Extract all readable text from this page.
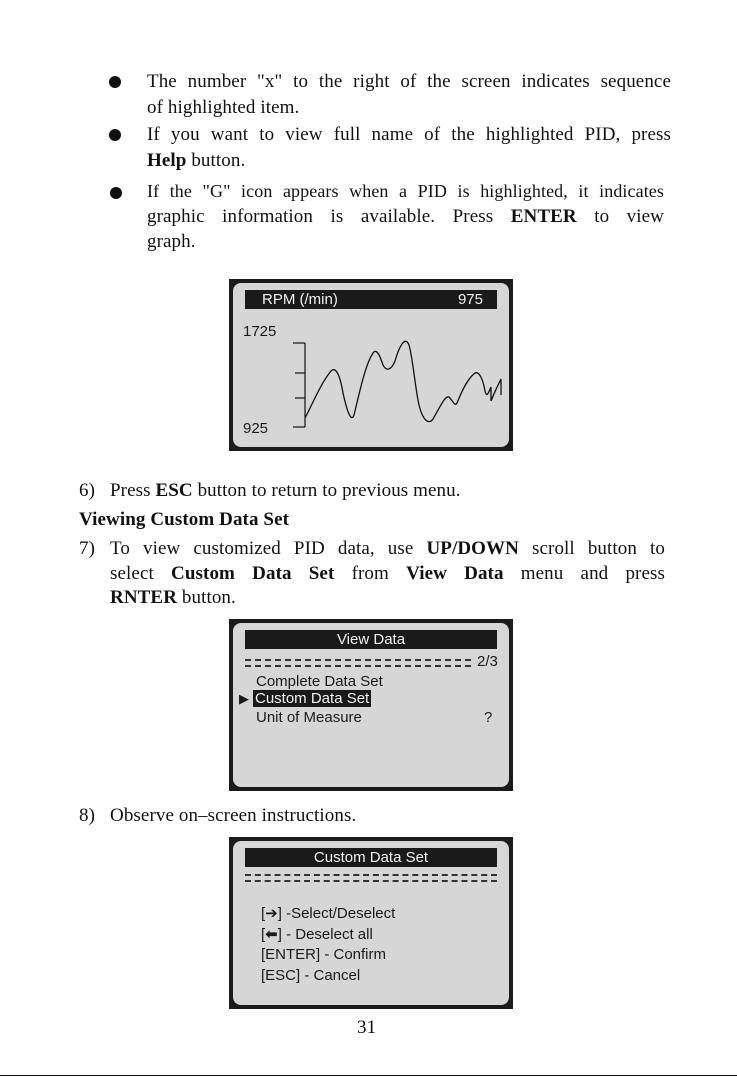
The number "x" to the right of the screen indicates sequence
of highlighted item.
If you want to view full name of the highlighted PID, press
Help button.
If the "G" icon appears when a PID is highlighted, it indicates
graphic information is available. Press ENTER to view
graph.
RPM (/min)	975
1725
925
6) Press ESC button to return to previous menu.
Viewing Custom Data Set
7) To view customized PID data, use UP/DOWN scroll button to
select Custom Data Set from View Data menu and press
RNTER button.
View Data
2/3
Complete Data Set
▶ Custom Data Set
Unit of Measure	?
8) Observe on–screen instructions.
Custom Data Set
[➔] -Select/Deselect
[⬅] - Deselect all
[ENTER] - Confirm
[ESC] - Cancel
31
